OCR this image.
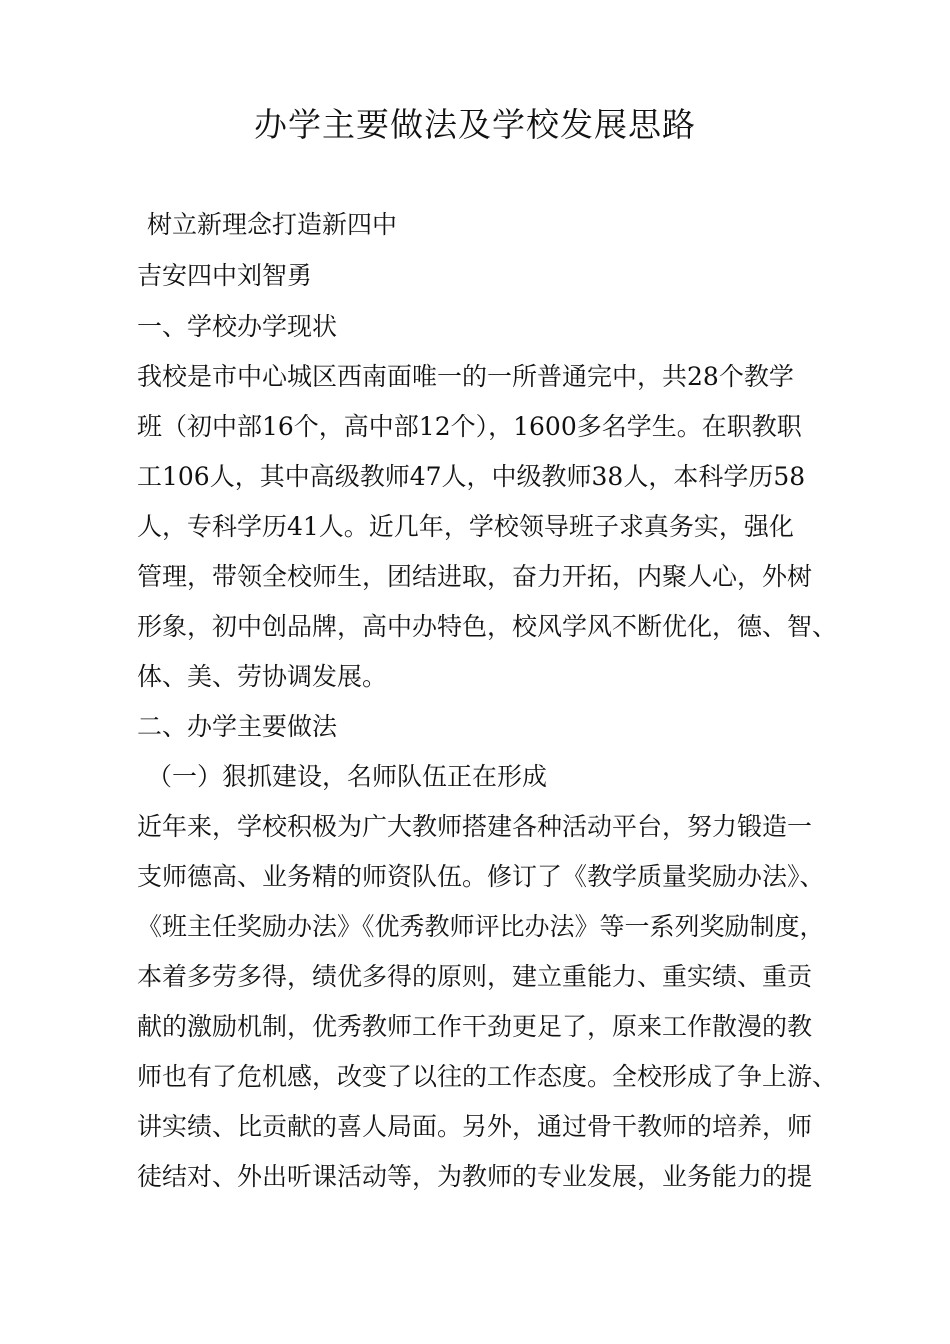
办学主要做法及学校发展思路
树立新理念打造新四中
吉安四中刘智勇
一、学校办学现状
我校是市中心城区西南面唯一的一所普通完中，共28个教学
班（初中部16个，高中部12个），1600多名学生。在职教职
工106人，其中高级教师47人，中级教师38人，本科学历58
人，专科学历41人。近几年，学校领导班子求真务实，强化
管理，带领全校师生，团结进取，奋力开拓，内聚人心，外树
形象，初中创品牌，高中办特色，校风学风不断优化，德、智、
体、美、劳协调发展。
二、办学主要做法
（一）狠抓建设，名师队伍正在形成
近年来，学校积极为广大教师搭建各种活动平台，努力锻造一
支师德高、业务精的师资队伍。修订了《教学质量奖励办法》、
《班主任奖励办法》《优秀教师评比办法》等一系列奖励制度，
本着多劳多得，绩优多得的原则，建立重能力、重实绩、重贡
献的激励机制，优秀教师工作干劲更足了，原来工作散漫的教
师也有了危机感，改变了以往的工作态度。全校形成了争上游、
讲实绩、比贡献的喜人局面。另外，通过骨干教师的培养，师
徒结对、外出听课活动等，为教师的专业发展，业务能力的提
